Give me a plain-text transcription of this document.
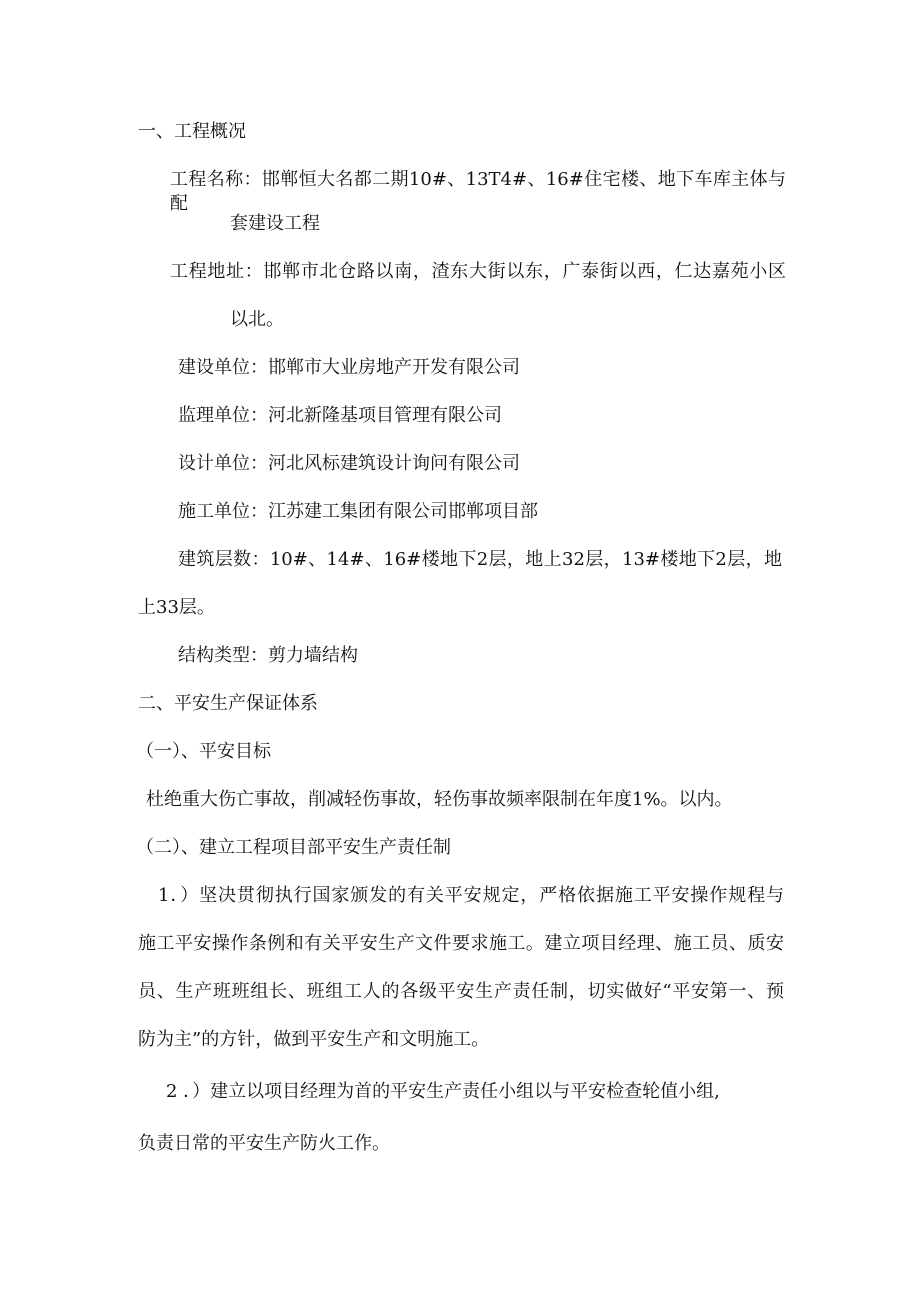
一、工程概况

工程名称：邯郸恒大名都二期10#、13T4#、16#住宅楼、地下车库主体与配

套建设工程

工程地址：邯郸市北仓路以南，渣东大街以东，广泰街以西，仁达嘉苑小区

以北。

建设单位：邯郸市大业房地产开发有限公司

监理单位：河北新隆基项目管理有限公司

设计单位：河北风标建筑设计询问有限公司

施工单位：江苏建工集团有限公司邯郸项目部

建筑层数：10#、14#、16#楼地下2层，地上32层，13#楼地下2层，地

上33层。

结构类型：剪力墙结构

二、平安生产保证体系

（一）、平安目标

杜绝重大伤亡事故，削减轻伤事故，轻伤事故频率限制在年度1%。以内。

（二）、建立工程项目部平安生产责任制

1．）坚决贯彻执行国家颁发的有关平安规定，严格依据施工平安操作规程与

施工平安操作条例和有关平安生产文件要求施工。建立项目经理、施工员、质安

员、生产班班组长、班组工人的各级平安生产责任制，切实做好“平安第一、预

防为主”的方针，做到平安生产和文明施工。

2 ．）建立以项目经理为首的平安生产责任小组以与平安检查轮值小组,

负责日常的平安生产防火工作。
